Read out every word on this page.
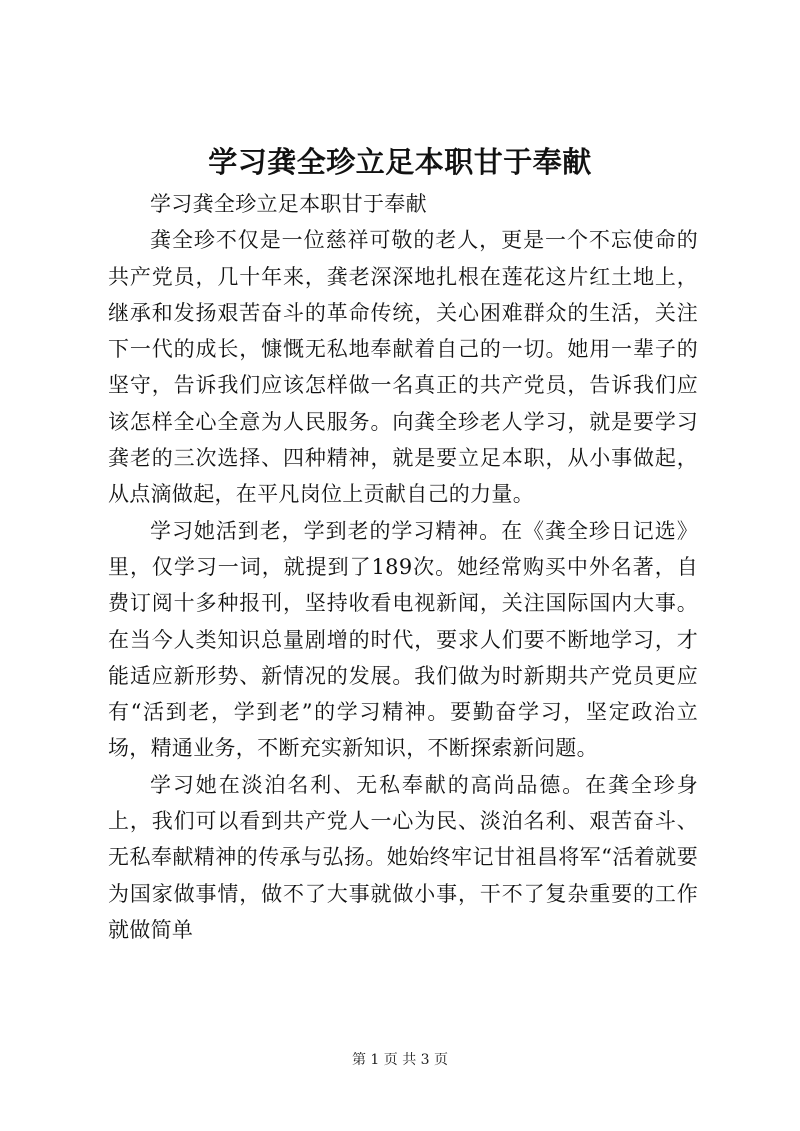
学习龚全珍立足本职甘于奉献

学习龚全珍立足本职甘于奉献

龚全珍不仅是一位慈祥可敬的老人，更是一个不忘使命的共产党员，几十年来，龚老深深地扎根在莲花这片红土地上，继承和发扬艰苦奋斗的革命传统，关心困难群众的生活，关注下一代的成长，慷慨无私地奉献着自己的一切。她用一辈子的坚守，告诉我们应该怎样做一名真正的共产党员，告诉我们应该怎样全心全意为人民服务。向龚全珍老人学习，就是要学习龚老的三次选择、四种精神，就是要立足本职，从小事做起，从点滴做起，在平凡岗位上贡献自己的力量。

学习她活到老，学到老的学习精神。在《龚全珍日记选》里，仅学习一词，就提到了189次。她经常购买中外名著，自费订阅十多种报刊，坚持收看电视新闻，关注国际国内大事。在当今人类知识总量剧增的时代，要求人们要不断地学习，才能适应新形势、新情况的发展。我们做为时新期共产党员更应有“活到老，学到老”的学习精神。要勤奋学习，坚定政治立场，精通业务，不断充实新知识，不断探索新问题。

学习她在淡泊名利、无私奉献的高尚品德。在龚全珍身上，我们可以看到共产党人一心为民、淡泊名利、艰苦奋斗、无私奉献精神的传承与弘扬。她始终牢记甘祖昌将军“活着就要为国家做事情，做不了大事就做小事，干不了复杂重要的工作就做简单

第 1 页 共 3 页
